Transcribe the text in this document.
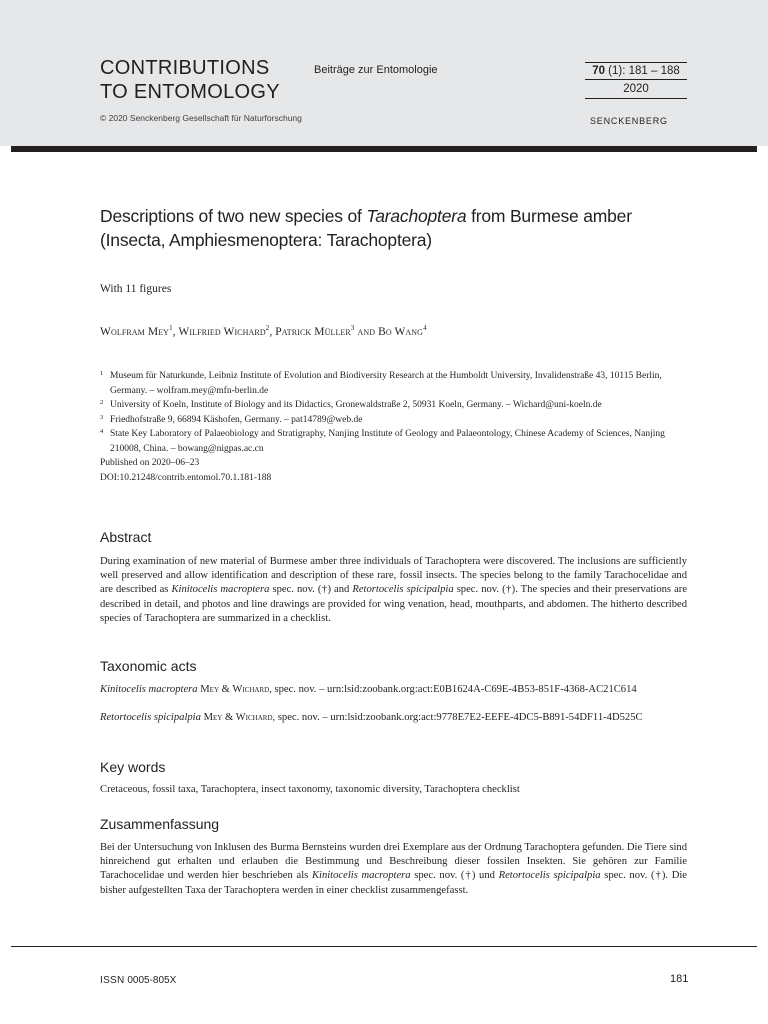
CONTRIBUTIONS
TO ENTOMOLOGY
Beiträge zur Entomologie
© 2020 Senckenberg Gesellschaft für Naturforschung
70 (1): 181 – 188
2020
SENCKENBERG
Descriptions of two new species of Tarachoptera from Burmese amber
(Insecta, Amphiesmenoptera: Tarachoptera)
With 11 figures
Wolfram Mey$^1$, Wilfried Wichard$^2$, Patrick Müller$^3$ and Bo Wang$^4$
1 Museum für Naturkunde, Leibniz Institute of Evolution and Biodiversity Research at the Humboldt University, Invalidenstraße 43, 10115 Berlin, Germany. – wolfram.mey@mfn-berlin.de
2 University of Koeln, Institute of Biology and its Didactics, Gronewaldstraße 2, 50931 Koeln, Germany. – Wichard@uni-koeln.de
3 Friedhofstraße 9, 66894 Käshofen, Germany. – pat14789@web.de
4 State Key Laboratory of Palaeobiology and Stratigraphy, Nanjing Institute of Geology and Palaeontology, Chinese Academy of Sciences, Nanjing 210008, China. – bowang@nigpas.ac.cn
Published on 2020–06–23
DOI:10.21248/contrib.entomol.70.1.181-188
Abstract
During examination of new material of Burmese amber three individuals of Tarachoptera were discovered. The inclusions are sufficiently well preserved and allow identification and description of these rare, fossil insects. The species belong to the family Tarachocelidae and are described as Kinitocelis macroptera spec. nov. (†) and Retortocelis spicipalpia spec. nov. (†). The species and their preservations are described in detail, and photos and line drawings are provided for wing venation, head, mouthparts, and abdomen. The hitherto described species of Tarachoptera are summarized in a checklist.
Taxonomic acts
Kinitocelis macroptera Mey & Wichard, spec. nov. – urn:lsid:zoobank.org:act:E0B1624A-C69E-4B53-851F-4368-AC21C614
Retortocelis spicipalpia Mey & Wichard, spec. nov. – urn:lsid:zoobank.org:act:9778E7E2-EEFE-4DC5-B891-54DF11-4D525C
Key words
Cretaceous, fossil taxa, Tarachoptera, insect taxonomy, taxonomic diversity, Tarachoptera checklist
Zusammenfassung
Bei der Untersuchung von Inklusen des Burma Bernsteins wurden drei Exemplare aus der Ordnung Tarachoptera gefunden. Die Tiere sind hinreichend gut erhalten und erlauben die Bestimmung und Beschreibung dieser fossilen Insekten. Sie gehören zur Familie Tarachocelidae und werden hier beschrieben als Kinitocelis macroptera spec. nov. (†) und Retortocelis spicipalpia spec. nov. (†). Die bisher aufgestellten Taxa der Tarachoptera werden in einer checklist zusammengefasst.
ISSN 0005-805X	181
